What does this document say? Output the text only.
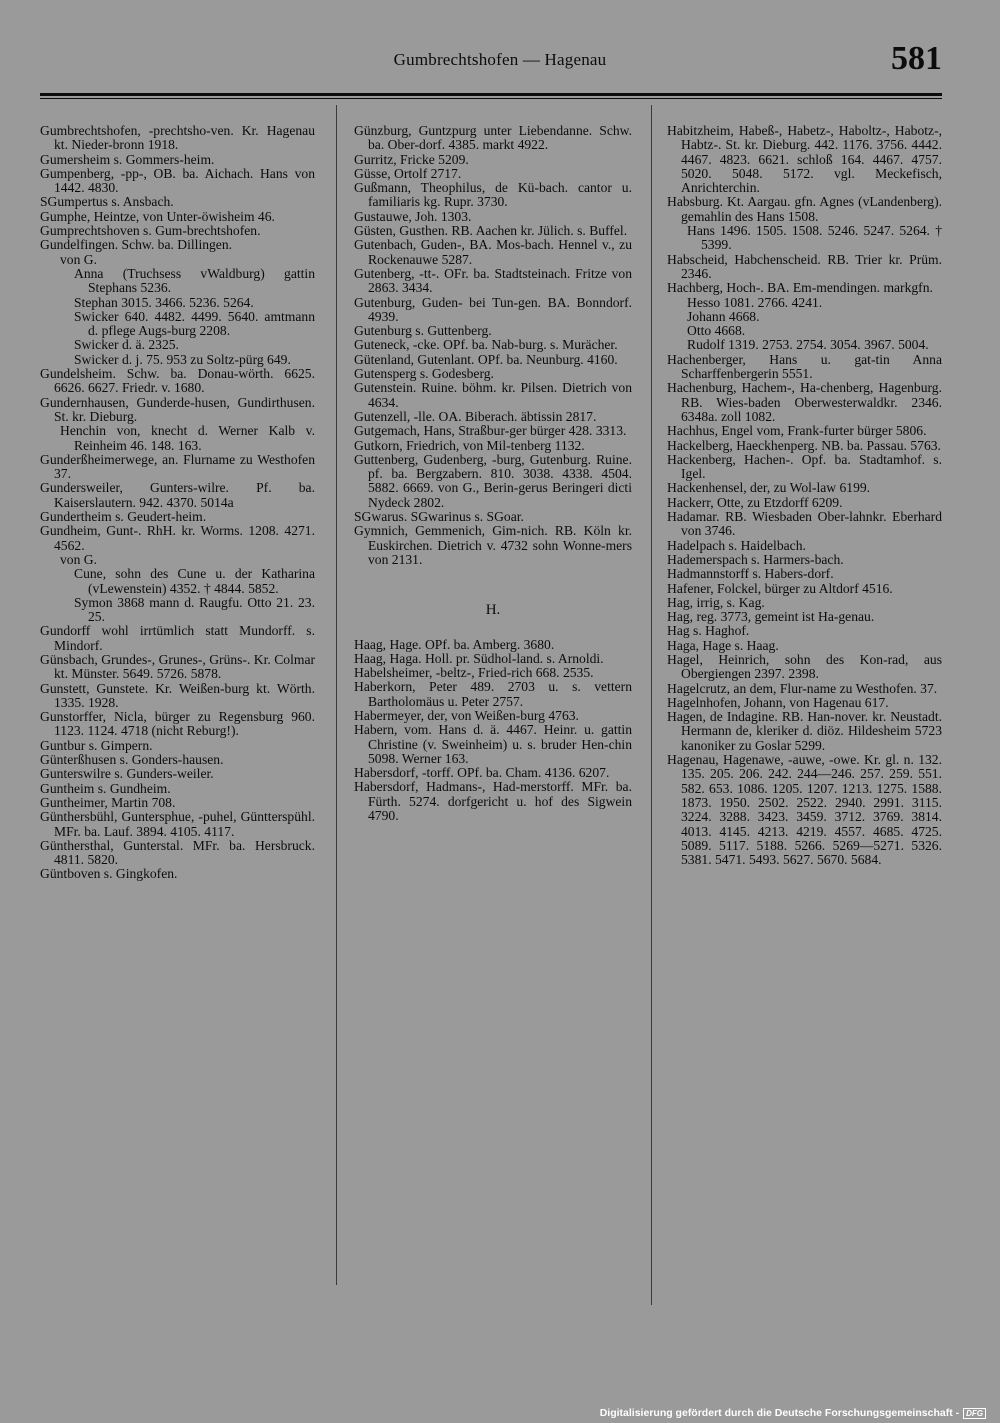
Gumbrechtshofen — Hagenau	581

Gumbrechtshofen, -prechtsho-ven. Kr. Hagenau kt. Nieder-bronn 1918.

Gumersheim s. Gommers-heim.

Gumpenberg, -pp-, OB. ba. Aichach. Hans von 1442. 4830.

SGumpertus s. Ansbach.

Gumphe, Heintze, von Unter-öwisheim 46.

Gumprechtshoven s. Gum-brechtshofen.

Gundelfingen. Schw. ba. Dillingen.

von G.

Anna (Truchsess vWaldburg) gattin Stephans 5236.

Stephan 3015. 3466. 5236. 5264.

Swicker 640. 4482. 4499. 5640. amtmann d. pflege Augs-burg 2208.

Swicker d. ä. 2325.

Swicker d. j. 75. 953 zu Soltz-pürg 649.

Gundelsheim. Schw. ba. Donau-wörth. 6625. 6626. 6627. Friedr. v. 1680.

Gundernhausen, Gunderde-husen, Gundirthusen. St. kr. Dieburg.

Henchin von, knecht d. Werner Kalb v. Reinheim 46. 148. 163.

Gunderßheimerwege, an. Flurname zu Westhofen 37.

Gundersweiler, Gunters-wilre. Pf. ba. Kaiserslautern. 942. 4370. 5014a

Gundertheim s. Geudert-heim.

Gundheim, Gunt-. RhH. kr. Worms. 1208. 4271. 4562.

von G.

Cune, sohn des Cune u. der Katharina (vLewenstein) 4352. † 4844. 5852.

Symon 3868 mann d. Raugfu. Otto 21. 23. 25.

Gundorff wohl irrtümlich statt Mundorff. s. Mindorf.

Günsbach, Grundes-, Grunes-, Grüns-. Kr. Colmar kt. Münster. 5649. 5726. 5878.

Gunstett, Gunstete. Kr. Weißen-burg kt. Wörth. 1335. 1928.

Gunstorffer, Nicla, bürger zu Regensburg 960. 1123. 1124. 4718 (nicht Reburg!).

Guntbur s. Gimpern.

Günterßhusen s. Gonders-hausen.

Gunterswilre s. Gunders-weiler.

Guntheim s. Gundheim.

Guntheimer, Martin 708.

Günthersbühl, Guntersphue, -puhel, Güntterspühl. MFr. ba. Lauf. 3894. 4105. 4117.

Günthersthal, Gunterstal. MFr. ba. Hersbruck. 4811. 5820.

Güntboven s. Gingkofen.

Günzburg, Guntzpurg unter Liebendanne. Schw. ba. Ober-dorf. 4385. markt 4922.

Gurritz, Fricke 5209.

Güsse, Ortolf 2717.

Gußmann, Theophilus, de Kü-bach. cantor u. familiaris kg. Rupr. 3730.

Gustauwe, Joh. 1303.

Güsten, Gusthen. RB. Aachen kr. Jülich. s. Buffel.

Gutenbach, Guden-, BA. Mos-bach. Hennel v., zu Rockenauwe 5287.

Gutenberg, -tt-. OFr. ba. Stadtsteinach. Fritze von 2863. 3434.

Gutenburg, Guden- bei Tun-gen. BA. Bonndorf. 4939.

Gutenburg s. Guttenberg.

Guteneck, -cke. OPf. ba. Nab-burg. s. Murächer.

Gütenland, Gutenlant. OPf. ba. Neunburg. 4160.

Gutensperg s. Godesberg.

Gutenstein. Ruine. böhm. kr. Pilsen. Dietrich von 4634.

Gutenzell, -lle. OA. Biberach. äbtissin 2817.

Gutgemach, Hans, Straßbur-ger bürger 428. 3313.

Gutkorn, Friedrich, von Mil-tenberg 1132.

Guttenberg, Gudenberg, -burg, Gutenburg. Ruine. pf. ba. Bergzabern. 810. 3038. 4338. 4504. 5882. 6669. von G., Berin-gerus Beringeri dicti Nydeck 2802.

SGwarus. SGwarinus s. SGoar.

Gymnich, Gemmenich, Gim-nich. RB. Köln kr. Euskirchen. Dietrich v. 4732 sohn Wonne-mers von 2131.

H.

Haag, Hage. OPf. ba. Amberg. 3680.

Haag, Haga. Holl. pr. Südhol-land. s. Arnoldi.

Habelsheimer, -beltz-, Fried-rich 668. 2535.

Haberkorn, Peter 489. 2703 u. s. vettern Bartholomäus u. Peter 2757.

Habermeyer, der, von Weißen-burg 4763.

Habern, vom. Hans d. ä. 4467. Heinr. u. gattin Christine (v. Sweinheim) u. s. bruder Hen-chin 5098. Werner 163.

Habersdorf, -torff. OPf. ba. Cham. 4136. 6207.

Habersdorf, Hadmans-, Had-merstorff. MFr. ba. Fürth. 5274. dorfgericht u. hof des Sigwein 4790.

Habitzheim, Habeß-, Habetz-, Haboltz-, Habotz-, Habtz-. St. kr. Dieburg. 442. 1176. 3756. 4442. 4467. 4823. 6621. schloß 164. 4467. 4757. 5020. 5048. 5172. vgl. Meckefisch, Anrichterchin.

Habsburg. Kt. Aargau. gfn. Agnes (vLandenberg). gemahlin des Hans 1508.

Hans 1496. 1505. 1508. 5246. 5247. 5264. † 5399.

Habscheid, Habchenscheid. RB. Trier kr. Prüm. 2346.

Hachberg, Hoch-. BA. Em-mendingen. markgfn.

Hesso 1081. 2766. 4241.

Johann 4668.

Otto 4668.

Rudolf 1319. 2753. 2754. 3054. 3967. 5004.

Hachenberger, Hans u. gat-tin Anna Scharffenbergerin 5551.

Hachenburg, Hachem-, Ha-chenberg, Hagenburg. RB. Wies-baden Oberwesterwaldkr. 2346. 6348a. zoll 1082.

Hachhus, Engel vom, Frank-furter bürger 5806.

Hackelberg, Haeckhenperg. NB. ba. Passau. 5763.

Hackenberg, Hachen-. Opf. ba. Stadtamhof. s. Igel.

Hackenhensel, der, zu Wol-law 6199.

Hackerr, Otte, zu Etzdorff 6209.

Hadamar. RB. Wiesbaden Ober-lahnkr. Eberhard von 3746.

Hadelpach s. Haidelbach.

Hademerspach s. Harmers-bach.

Hadmannstorff s. Habers-dorf.

Hafener, Folckel, bürger zu Altdorf 4516.

Hag, irrig, s. Kag.

Hag, reg. 3773, gemeint ist Ha-genau.

Hag s. Haghof.

Haga, Hage s. Haag.

Hagel, Heinrich, sohn des Kon-rad, aus Obergiengen 2397. 2398.

Hagelcrutz, an dem, Flur-name zu Westhofen. 37.

Hagelnhofen, Johann, von Hagenau 617.

Hagen, de Indagine. RB. Han-nover. kr. Neustadt. Hermann de, kleriker d. diöz. Hildesheim 5723 kanoniker zu Goslar 5299.

Hagenau, Hagenawe, -auwe, -owe. Kr. gl. n. 132. 135. 205. 206. 242. 244—246. 257. 259. 551. 582. 653. 1086. 1205. 1207. 1213. 1275. 1588. 1873. 1950. 2502. 2522. 2940. 2991. 3115. 3224. 3288. 3423. 3459. 3712. 3769. 3814. 4013. 4145. 4213. 4219. 4557. 4685. 4725. 5089. 5117. 5188. 5266. 5269—5271. 5326. 5381. 5471. 5493. 5627. 5670. 5684.

Digitalisierung gefördert durch die Deutsche Forschungsgemeinschaft - DFG
